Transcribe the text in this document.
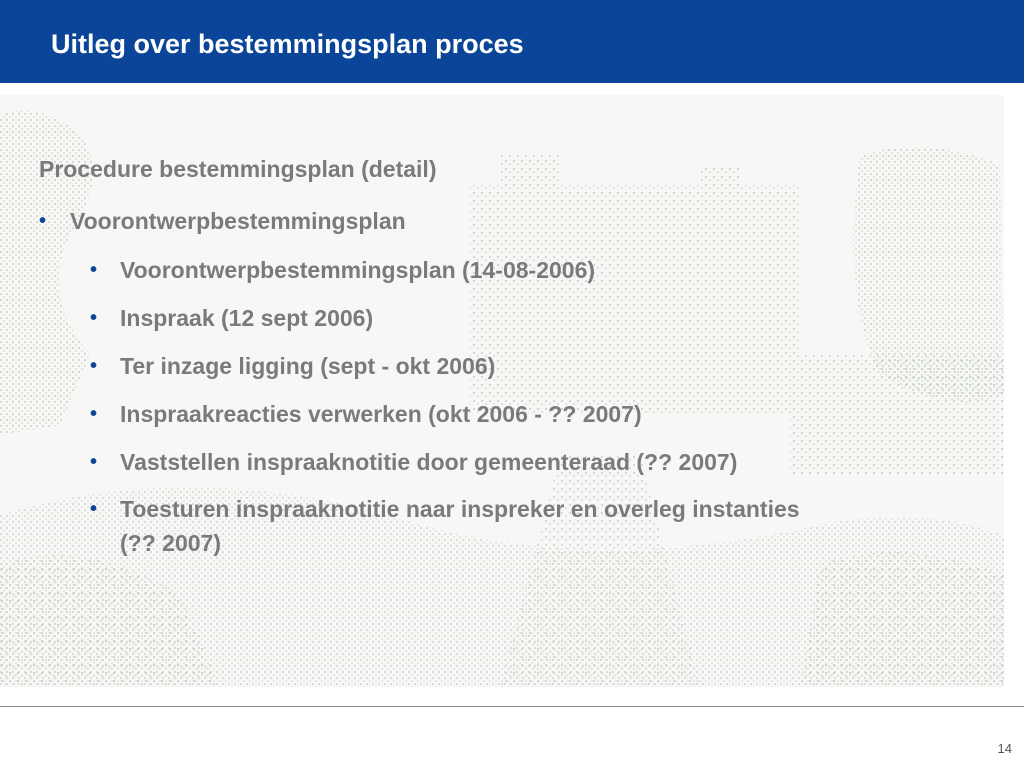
Uitleg over bestemmingsplan proces
Procedure bestemmingsplan (detail)
•	Voorontwerpbestemmingsplan
• Voorontwerpbestemmingsplan (14-08-2006)
• Inspraak (12 sept 2006)
• Ter inzage ligging (sept - okt 2006)
• Inspraakreacties verwerken (okt 2006 - ?? 2007)
• Vaststellen inspraaknotitie door gemeenteraad (?? 2007)
• Toesturen inspraaknotitie naar inspreker en overleg instanties (?? 2007)
14
